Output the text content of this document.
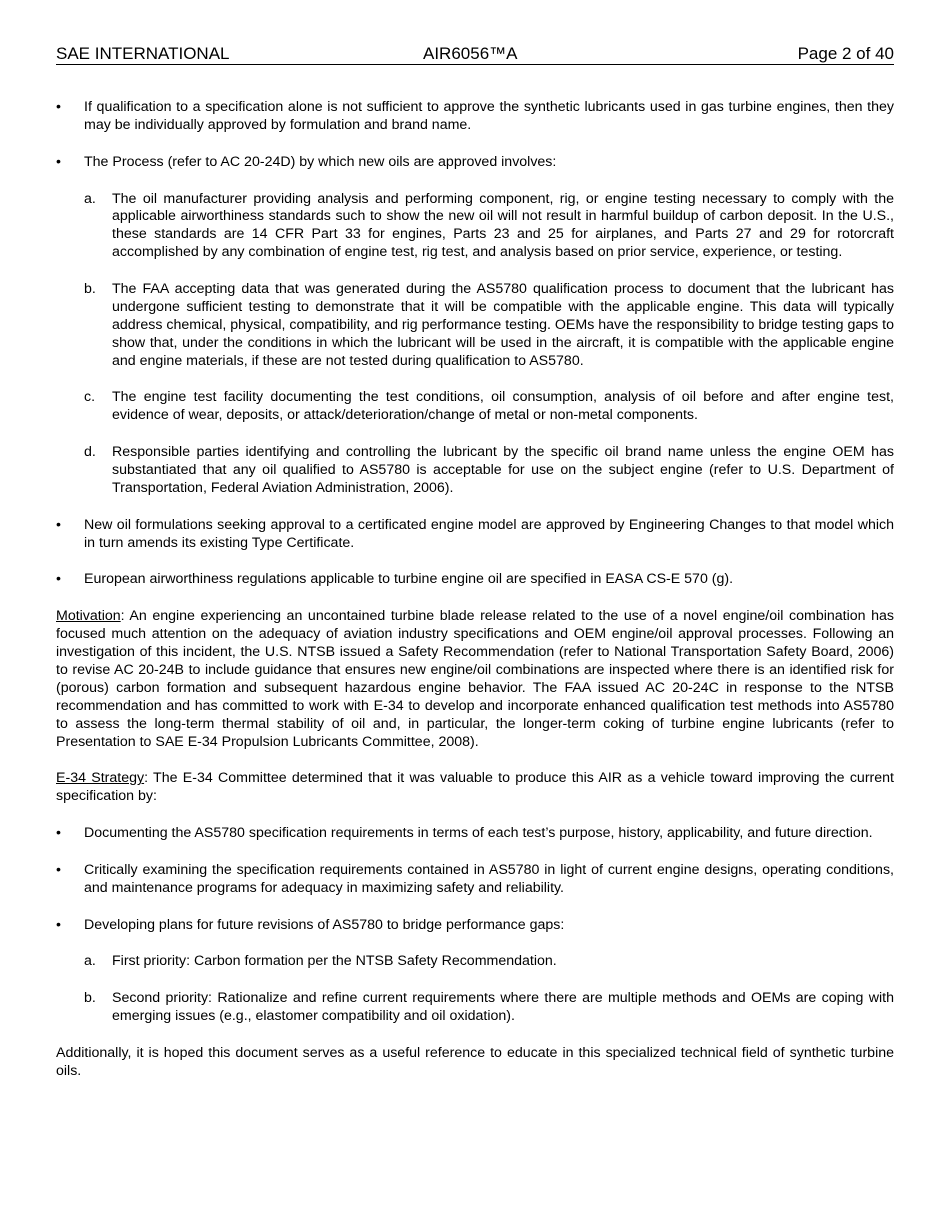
SAE INTERNATIONAL	AIR6056™A	Page 2 of 40

• If qualification to a specification alone is not sufficient to approve the synthetic lubricants used in gas turbine engines, then they may be individually approved by formulation and brand name.

• The Process (refer to AC 20-24D) by which new oils are approved involves:

a. The oil manufacturer providing analysis and performing component, rig, or engine testing necessary to comply with the applicable airworthiness standards such to show the new oil will not result in harmful buildup of carbon deposit. In the U.S., these standards are 14 CFR Part 33 for engines, Parts 23 and 25 for airplanes, and Parts 27 and 29 for rotorcraft accomplished by any combination of engine test, rig test, and analysis based on prior service, experience, or testing.

b. The FAA accepting data that was generated during the AS5780 qualification process to document that the lubricant has undergone sufficient testing to demonstrate that it will be compatible with the applicable engine. This data will typically address chemical, physical, compatibility, and rig performance testing. OEMs have the responsibility to bridge testing gaps to show that, under the conditions in which the lubricant will be used in the aircraft, it is compatible with the applicable engine and engine materials, if these are not tested during qualification to AS5780.

c. The engine test facility documenting the test conditions, oil consumption, analysis of oil before and after engine test, evidence of wear, deposits, or attack/deterioration/change of metal or non-metal components.

d. Responsible parties identifying and controlling the lubricant by the specific oil brand name unless the engine OEM has substantiated that any oil qualified to AS5780 is acceptable for use on the subject engine (refer to U.S. Department of Transportation, Federal Aviation Administration, 2006).

• New oil formulations seeking approval to a certificated engine model are approved by Engineering Changes to that model which in turn amends its existing Type Certificate.

• European airworthiness regulations applicable to turbine engine oil are specified in EASA CS-E 570 (g).

Motivation: An engine experiencing an uncontained turbine blade release related to the use of a novel engine/oil combination has focused much attention on the adequacy of aviation industry specifications and OEM engine/oil approval processes. Following an investigation of this incident, the U.S. NTSB issued a Safety Recommendation (refer to National Transportation Safety Board, 2006) to revise AC 20-24B to include guidance that ensures new engine/oil combinations are inspected where there is an identified risk for (porous) carbon formation and subsequent hazardous engine behavior. The FAA issued AC 20-24C in response to the NTSB recommendation and has committed to work with E-34 to develop and incorporate enhanced qualification test methods into AS5780 to assess the long-term thermal stability of oil and, in particular, the longer-term coking of turbine engine lubricants (refer to Presentation to SAE E-34 Propulsion Lubricants Committee, 2008).

E-34 Strategy: The E-34 Committee determined that it was valuable to produce this AIR as a vehicle toward improving the current specification by:

• Documenting the AS5780 specification requirements in terms of each test’s purpose, history, applicability, and future direction.

• Critically examining the specification requirements contained in AS5780 in light of current engine designs, operating conditions, and maintenance programs for adequacy in maximizing safety and reliability.

• Developing plans for future revisions of AS5780 to bridge performance gaps:

a. First priority: Carbon formation per the NTSB Safety Recommendation.

b. Second priority: Rationalize and refine current requirements where there are multiple methods and OEMs are coping with emerging issues (e.g., elastomer compatibility and oil oxidation).

Additionally, it is hoped this document serves as a useful reference to educate in this specialized technical field of synthetic turbine oils.
